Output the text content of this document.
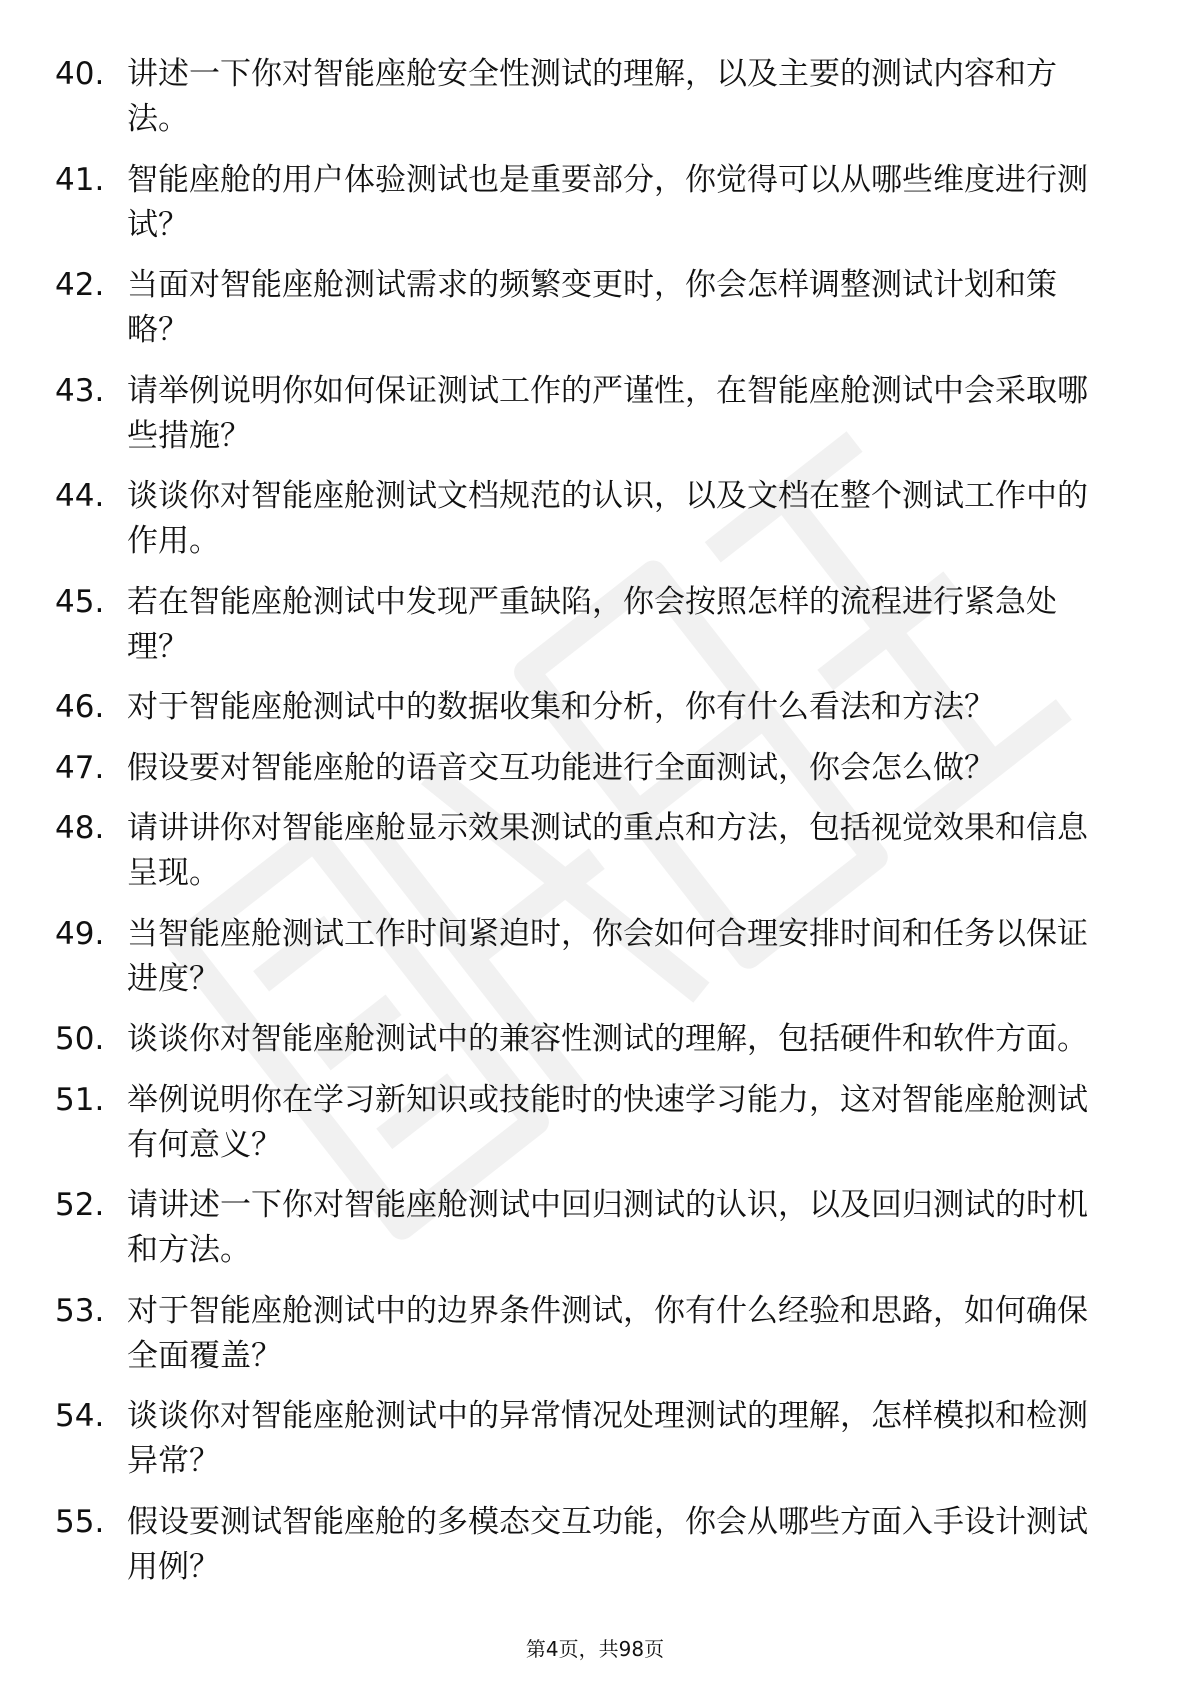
40. 讲述一下你对智能座舱安全性测试的理解，以及主要的测试内容和方法。
41. 智能座舱的用户体验测试也是重要部分，你觉得可以从哪些维度进行测试？
42. 当面对智能座舱测试需求的频繁变更时，你会怎样调整测试计划和策略？
43. 请举例说明你如何保证测试工作的严谨性，在智能座舱测试中会采取哪些措施？
44. 谈谈你对智能座舱测试文档规范的认识，以及文档在整个测试工作中的作用。
45. 若在智能座舱测试中发现严重缺陷，你会按照怎样的流程进行紧急处理？
46. 对于智能座舱测试中的数据收集和分析，你有什么看法和方法？
47. 假设要对智能座舱的语音交互功能进行全面测试，你会怎么做？
48. 请讲讲你对智能座舱显示效果测试的重点和方法，包括视觉效果和信息呈现。
49. 当智能座舱测试工作时间紧迫时，你会如何合理安排时间和任务以保证进度？
50. 谈谈你对智能座舱测试中的兼容性测试的理解，包括硬件和软件方面。
51. 举例说明你在学习新知识或技能时的快速学习能力，这对智能座舱测试有何意义？
52. 请讲述一下你对智能座舱测试中回归测试的认识，以及回归测试的时机和方法。
53. 对于智能座舱测试中的边界条件测试，你有什么经验和思路，如何确保全面覆盖？
54. 谈谈你对智能座舱测试中的异常情况处理测试的理解，怎样模拟和检测异常？
55. 假设要测试智能座舱的多模态交互功能，你会从哪些方面入手设计测试用例？
第4页，共98页
